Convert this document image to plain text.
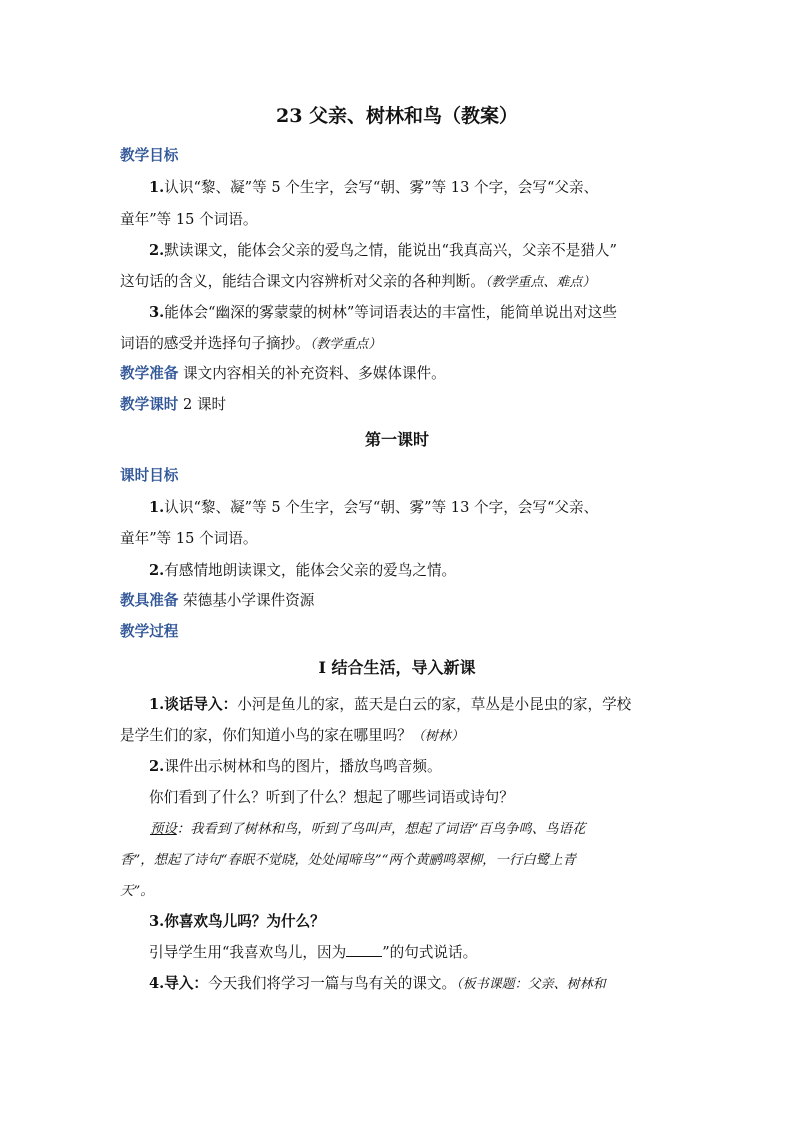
23 父亲、树林和鸟（教案）
教学目标
1.认识“黎、凝”等 5 个生字，会写“朝、雾”等 13 个字，会写“父亲、
童年”等 15 个词语。
2.默读课文，能体会父亲的爱鸟之情，能说出“我真高兴，父亲不是猎人”
这句话的含义，能结合课文内容辨析对父亲的各种判断。（教学重点、难点）
3.能体会“幽深的雾蒙蒙的树林”等词语表达的丰富性，能简单说出对这些
词语的感受并选择句子摘抄。（教学重点）
教学准备 课文内容相关的补充资料、多媒体课件。
教学课时 2 课时
第一课时
课时目标
1.认识“黎、凝”等 5 个生字，会写“朝、雾”等 13 个字，会写“父亲、
童年”等 15 个词语。
2.有感情地朗读课文，能体会父亲的爱鸟之情。
教具准备 荣德基小学课件资源
教学过程
Ⅰ 结合生活，导入新课
1.谈话导入：小河是鱼儿的家，蓝天是白云的家，草丛是小昆虫的家，学校
是学生们的家，你们知道小鸟的家在哪里吗？（树林）
2.课件出示树林和鸟的图片，播放鸟鸣音频。
你们看到了什么？听到了什么？想起了哪些词语或诗句？
预设：我看到了树林和鸟，听到了鸟叫声，想起了词语“百鸟争鸣、鸟语花
香”，想起了诗句“春眠不觉晓，处处闻啼鸟”“两个黄鹂鸣翠柳，一行白鹭上青
天”。
3.你喜欢鸟儿吗？为什么？
引导学生用“我喜欢鸟儿，因为 ”的句式说话。
4.导入：今天我们将学习一篇与鸟有关的课文。（板书课题：父亲、树林和
